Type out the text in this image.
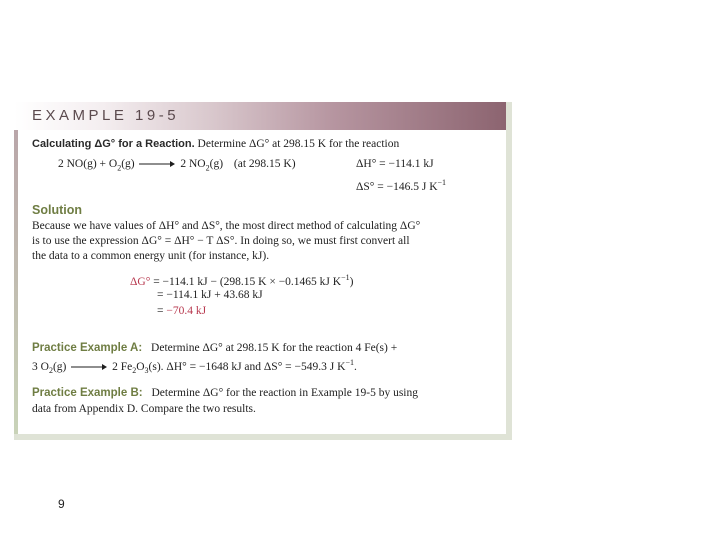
EXAMPLE 19-5
Calculating ΔG° for a Reaction. Determine ΔG° at 298.15 K for the reaction
2 $NO(g) + O_2(g) \to 2$ $NO_2(g)$ (at 298.15 K)	ΔH° = −114.1 kJ
ΔS° = −146.5 J $K^{-1}$
Solution
Because we have values of ΔH° and ΔS°, the most direct method of calculating ΔG°
is to use the expression ΔG° = ΔH° − T ΔS°. In doing so, we must first convert all
the data to a common energy unit (for instance, kJ).
ΔG° = −114.1 kJ − (298.15 K × −0.1465 kJ $K^{-1}$)
= −114.1 kJ + 43.68 kJ
= −70.4 kJ
Practice Example A: Determine ΔG° at 298.15 K for the reaction 4 Fe(s) +
3 $O_2(g)$	2 $Fe_2O_3(s)$. ΔH° = −1648 kJ and ΔS° = −549.3 J $K^{-1}$.
Practice Example B: Determine ΔG° for the reaction in Example 19-5 by using
data from Appendix D. Compare the two results.
9
